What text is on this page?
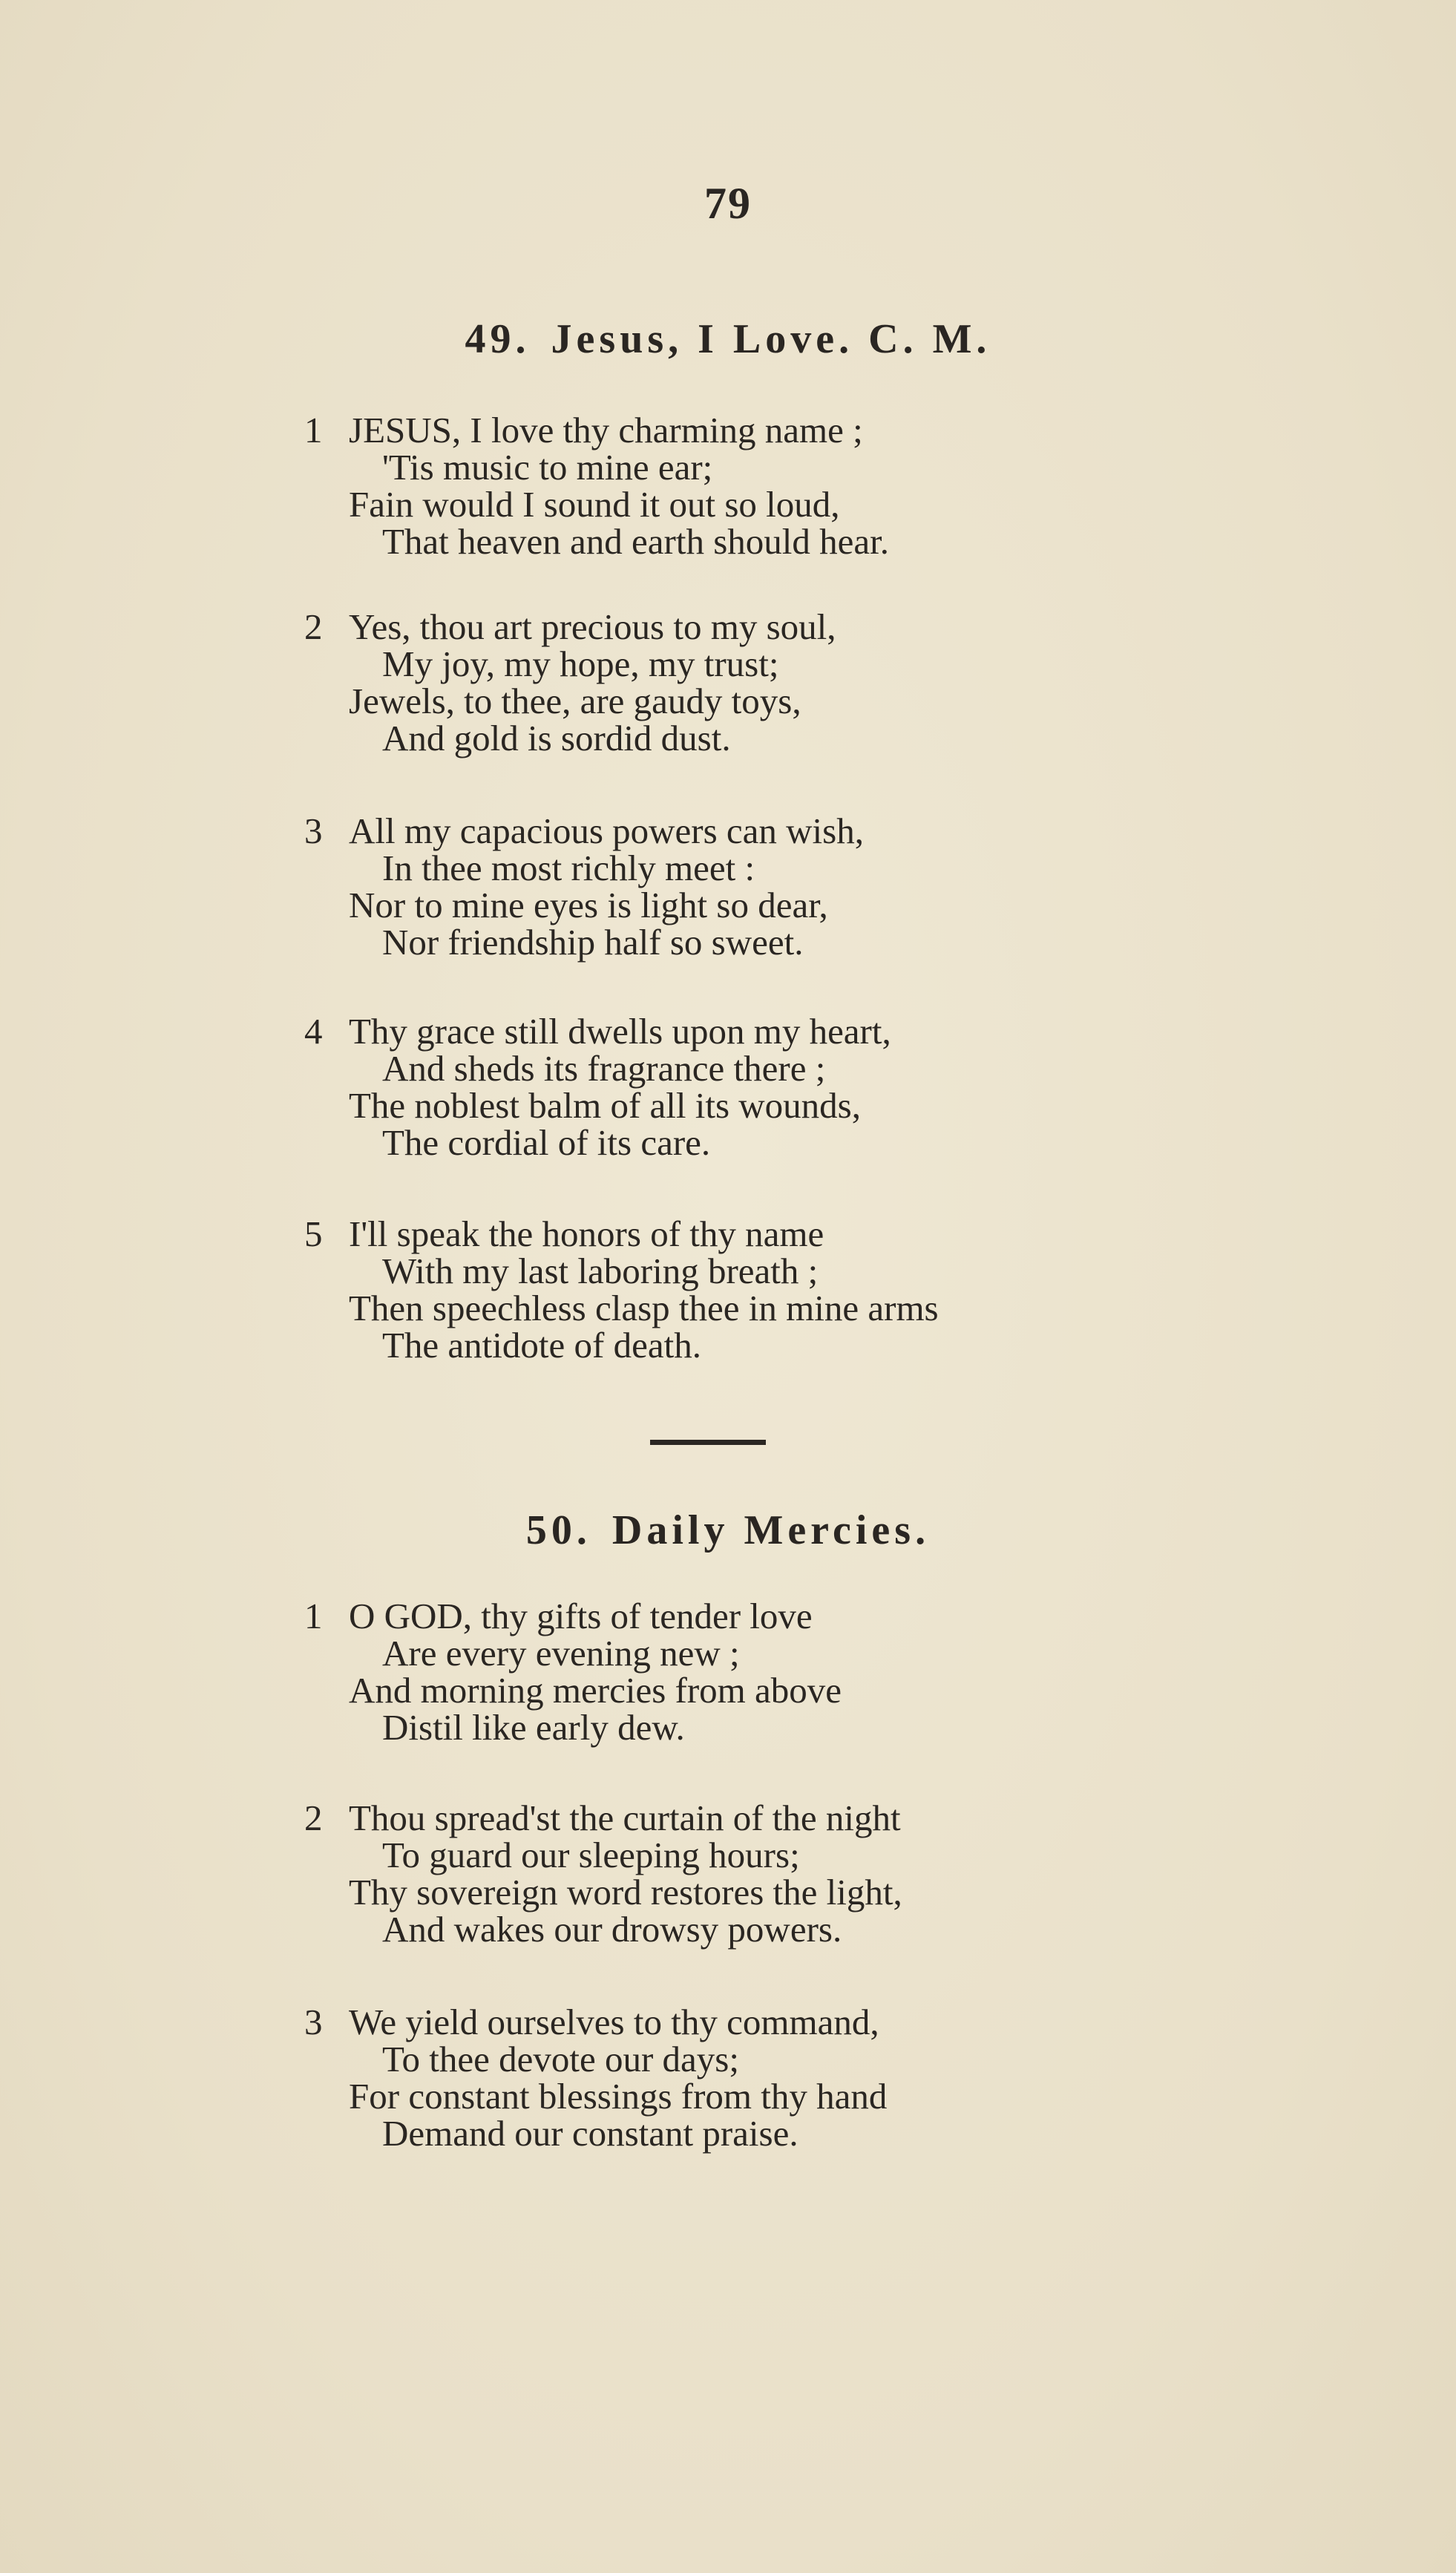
79
49. Jesus, I Love. C. M.
1 JESUS, I love thy charming name ;
'Tis music to mine ear;
Fain would I sound it out so loud,
That heaven and earth should hear.
2 Yes, thou art precious to my soul,
My joy, my hope, my trust;
Jewels, to thee, are gaudy toys,
And gold is sordid dust.
3 All my capacious powers can wish,
In thee most richly meet :
Nor to mine eyes is light so dear,
Nor friendship half so sweet.
4 Thy grace still dwells upon my heart,
And sheds its fragrance there ;
The noblest balm of all its wounds,
The cordial of its care.
5 I'll speak the honors of thy name
With my last laboring breath ;
Then speechless clasp thee in mine arms
The antidote of death.
50. Daily Mercies.
1 O GOD, thy gifts of tender love
Are every evening new ;
And morning mercies from above
Distil like early dew.
2 Thou spread'st the curtain of the night
To guard our sleeping hours;
Thy sovereign word restores the light,
And wakes our drowsy powers.
3 We yield ourselves to thy command,
To thee devote our days;
For constant blessings from thy hand
Demand our constant praise.
